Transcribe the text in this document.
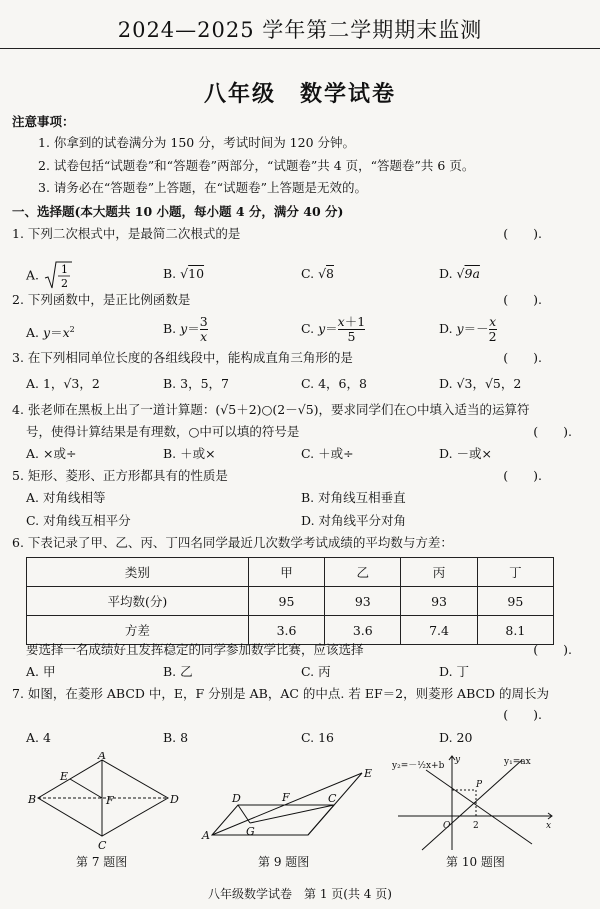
2024—2025 学年第二学期期末监测
八年级　数学试卷
注意事项：
1. 你拿到的试卷满分为 150 分，考试时间为 120 分钟。
2. 试卷包括“试题卷”和“答题卷”两部分，“试题卷”共 4 页，“答题卷”共 6 页。
3. 请务必在“答题卷”上答题，在“试题卷”上答题是无效的。
一、选择题(本大题共 10 小题，每小题 4 分，满分 40 分)
1. 下列二次根式中，是最简二次根式的是	(　　).
A. 1
2
B. √10	C. √8	D. √9a
2. 下列函数中，是正比例函数是	(　　).
A. $y=x^2$	B. $y= \frac{3}{x}$	C. $y= \frac{x+1}{5}$	D. $y=- \frac{x}{2}$
3. 在下列相同单位长度的各组线段中，能构成直角三角形的是	(　　).
A. 1，√3，2	B. 3，5，7	C. 4，6，8	D. √3，√5，2
4. 张老师在黑板上出了一道计算题：(√5＋2)○(2－√5)，要求同学们在○中填入适当的运算符
号，使得计算结果是有理数，○中可以填的符号是	(　　).
A. ×或÷	B. ＋或×	C. ＋或÷	D. －或×
5. 矩形、菱形、正方形都具有的性质是	(　　).
A. 对角线相等	B. 对角线互相垂直
C. 对角线互相平分	D. 对角线平分对角
6. 下表记录了甲、乙、丙、丁四名同学最近几次数学考试成绩的平均数与方差：
类别	甲	乙	丙	丁
平均数(分)	95	93	93	95
方差	3.6	3.6	7.4	8.1
要选择一名成绩好且发挥稳定的同学参加数学比赛，应该选择	(　　).
A. 甲	B. 乙	C. 丙	D. 丁
7. 如图，在菱形 ABCD 中，E，F 分别是 AB，AC 的中点. 若 EF＝2，则菱形 ABCD 的周长为
(　　).
A. 4	B. 8	C. 16	D. 20
A
B
C
D
E
F
第 7 题图
A
D	F	C
E
G
第 9 题图
y₂=－½x+b	y₁=ax
y
x
O	2
P
第 10 题图
八年级数学试卷　第 1 页(共 4 页)
